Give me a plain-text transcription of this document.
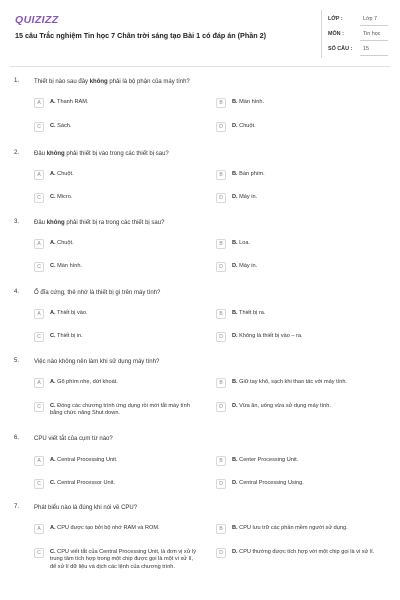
QUIZIZZ
15 câu Trắc nghiệm Tin học 7 Chân trời sáng tạo Bài 1 có đáp án (Phần 2)
LỚP :	Lớp 7
MÔN :	Tin học
SỐ CÂU : 15
1. Thiết bị nào sau đây không phải là bộ phận của máy tính?
A	A. Thanh RAM.	B	B. Màn hình.
C	C. Sách.	D	D. Chuột.
2. Đâu không phải thiết bị vào trong các thiết bị sau?
A	A. Chuột.	B	B. Bàn phím.
C	C. Micro.	D	D. Máy in.
3. Đâu không phải thiết bị ra trong các thiết bị sau?
A	A. Chuột.	B	B. Loa.
C	C. Màn hình.	D	D. Máy in.
4. Ổ đĩa cứng, thẻ nhớ là thiết bị gì trên máy tính?
A	A. Thiết bị vào.	B	B. Thiết bị ra.
C	C. Thiết bị in.	D	D. Không là thiết bị vào – ra.
5. Việc nào không nên làm khi sử dụng máy tính?
A	A. Gõ phím nhẹ, dứt khoát.	B	B. Giữ tay khô, sạch khi thao tác với máy tính.
C	C. Đóng các chương trình ứng dụng rồi mới tắt máy tính bằng chức năng Shut down.
D	D. Vừa ăn, uống vừa sử dụng máy tính.
6. CPU viết tắt của cụm từ nào?
A	A. Central Processing Unit.	B	B. Center Processing Unit.
C	C. Central Processor Unit.	D	D. Central Processing Using.
7. Phát biểu nào là đúng khi nói về CPU?
A	A. CPU được tạo bởi bộ nhớ RAM và ROM.	B	B. CPU lưu trữ các phần mềm người sử dụng.
C	C. CPU viết tắt của Central Processing Unit, là đơn vị xử lý trung tâm tích hợp trong một chip được gọi là một vi xử lí, để xử lí dữ liệu và dịch các lệnh của chương trình.
D	D. CPU thường được tích hợp với một chip gọi là vi xử lí.
